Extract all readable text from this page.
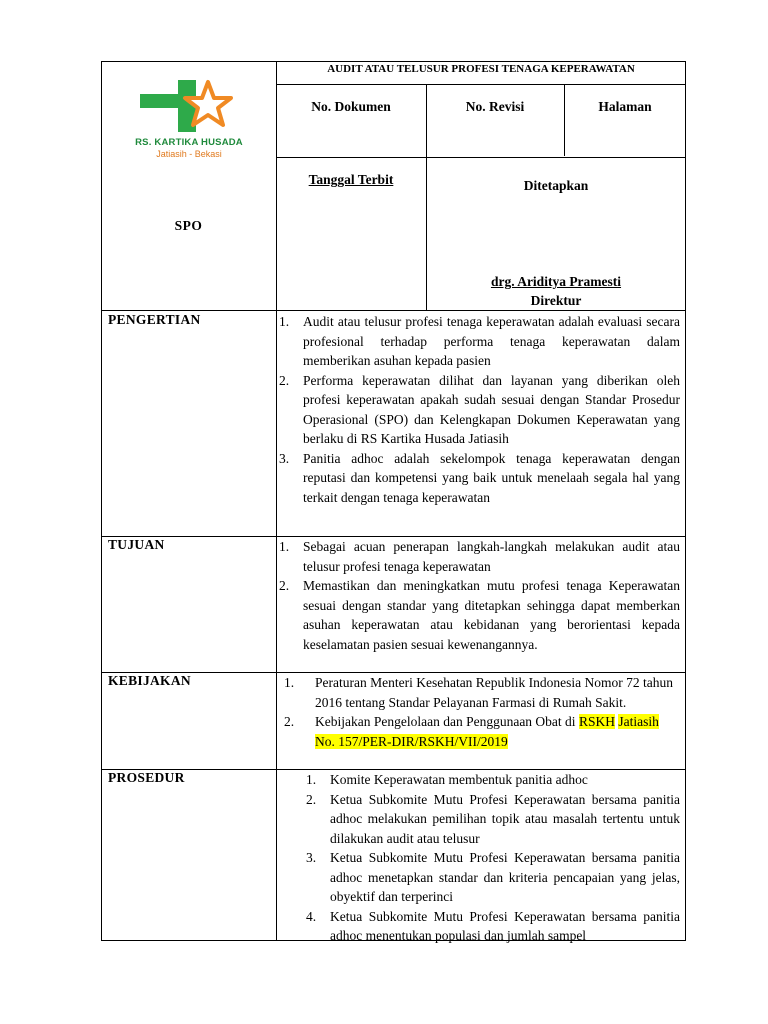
RS. KARTIKA HUSADA
Jatiasih - Bekasi
AUDIT ATAU TELUSUR PROFESI TENAGA KEPERAWATAN
No. Dokumen	No. Revisi	Halaman
SPO
Tanggal Terbit	Ditetapkan
drg. Ariditya Pramesti
Direktur
PENGERTIAN	1. Audit atau telusur profesi tenaga keperawatan adalah evaluasi secara profesional terhadap performa tenaga keperawatan dalam memberikan asuhan kepada pasien
2. Performa keperawatan dilihat dan layanan yang diberikan oleh profesi keperawatan apakah sudah sesuai dengan Standar Prosedur Operasional (SPO) dan Kelengkapan Dokumen Keperawatan yang berlaku di RS Kartika Husada Jatiasih
3. Panitia adhoc adalah sekelompok tenaga keperawatan dengan reputasi dan kompetensi yang baik untuk menelaah segala hal yang terkait dengan tenaga keperawatan
TUJUAN	1. Sebagai acuan penerapan langkah-langkah melakukan audit atau telusur profesi tenaga keperawatan
2. Memastikan dan meningkatkan mutu profesi tenaga Keperawatan sesuai dengan standar yang ditetapkan sehingga dapat memberkan asuhan keperawatan atau kebidanan yang berorientasi kepada keselamatan pasien sesuai kewenangannya.
KEBIJAKAN	1. Peraturan Menteri Kesehatan Republik Indonesia Nomor 72 tahun 2016 tentang Standar Pelayanan Farmasi di Rumah Sakit.
2. Kebijakan Pengelolaan dan Penggunaan Obat di RSKH Jatiasih No. 157/PER-DIR/RSKH/VII/2019
PROSEDUR	1. Komite Keperawatan membentuk panitia adhoc
2. Ketua Subkomite Mutu Profesi Keperawatan bersama panitia adhoc melakukan pemilihan topik atau masalah tertentu untuk dilakukan audit atau telusur
3. Ketua Subkomite Mutu Profesi Keperawatan bersama panitia adhoc menetapkan standar dan kriteria pencapaian yang jelas, obyektif dan terperinci
4. Ketua Subkomite Mutu Profesi Keperawatan bersama panitia adhoc menentukan populasi dan jumlah sampel
